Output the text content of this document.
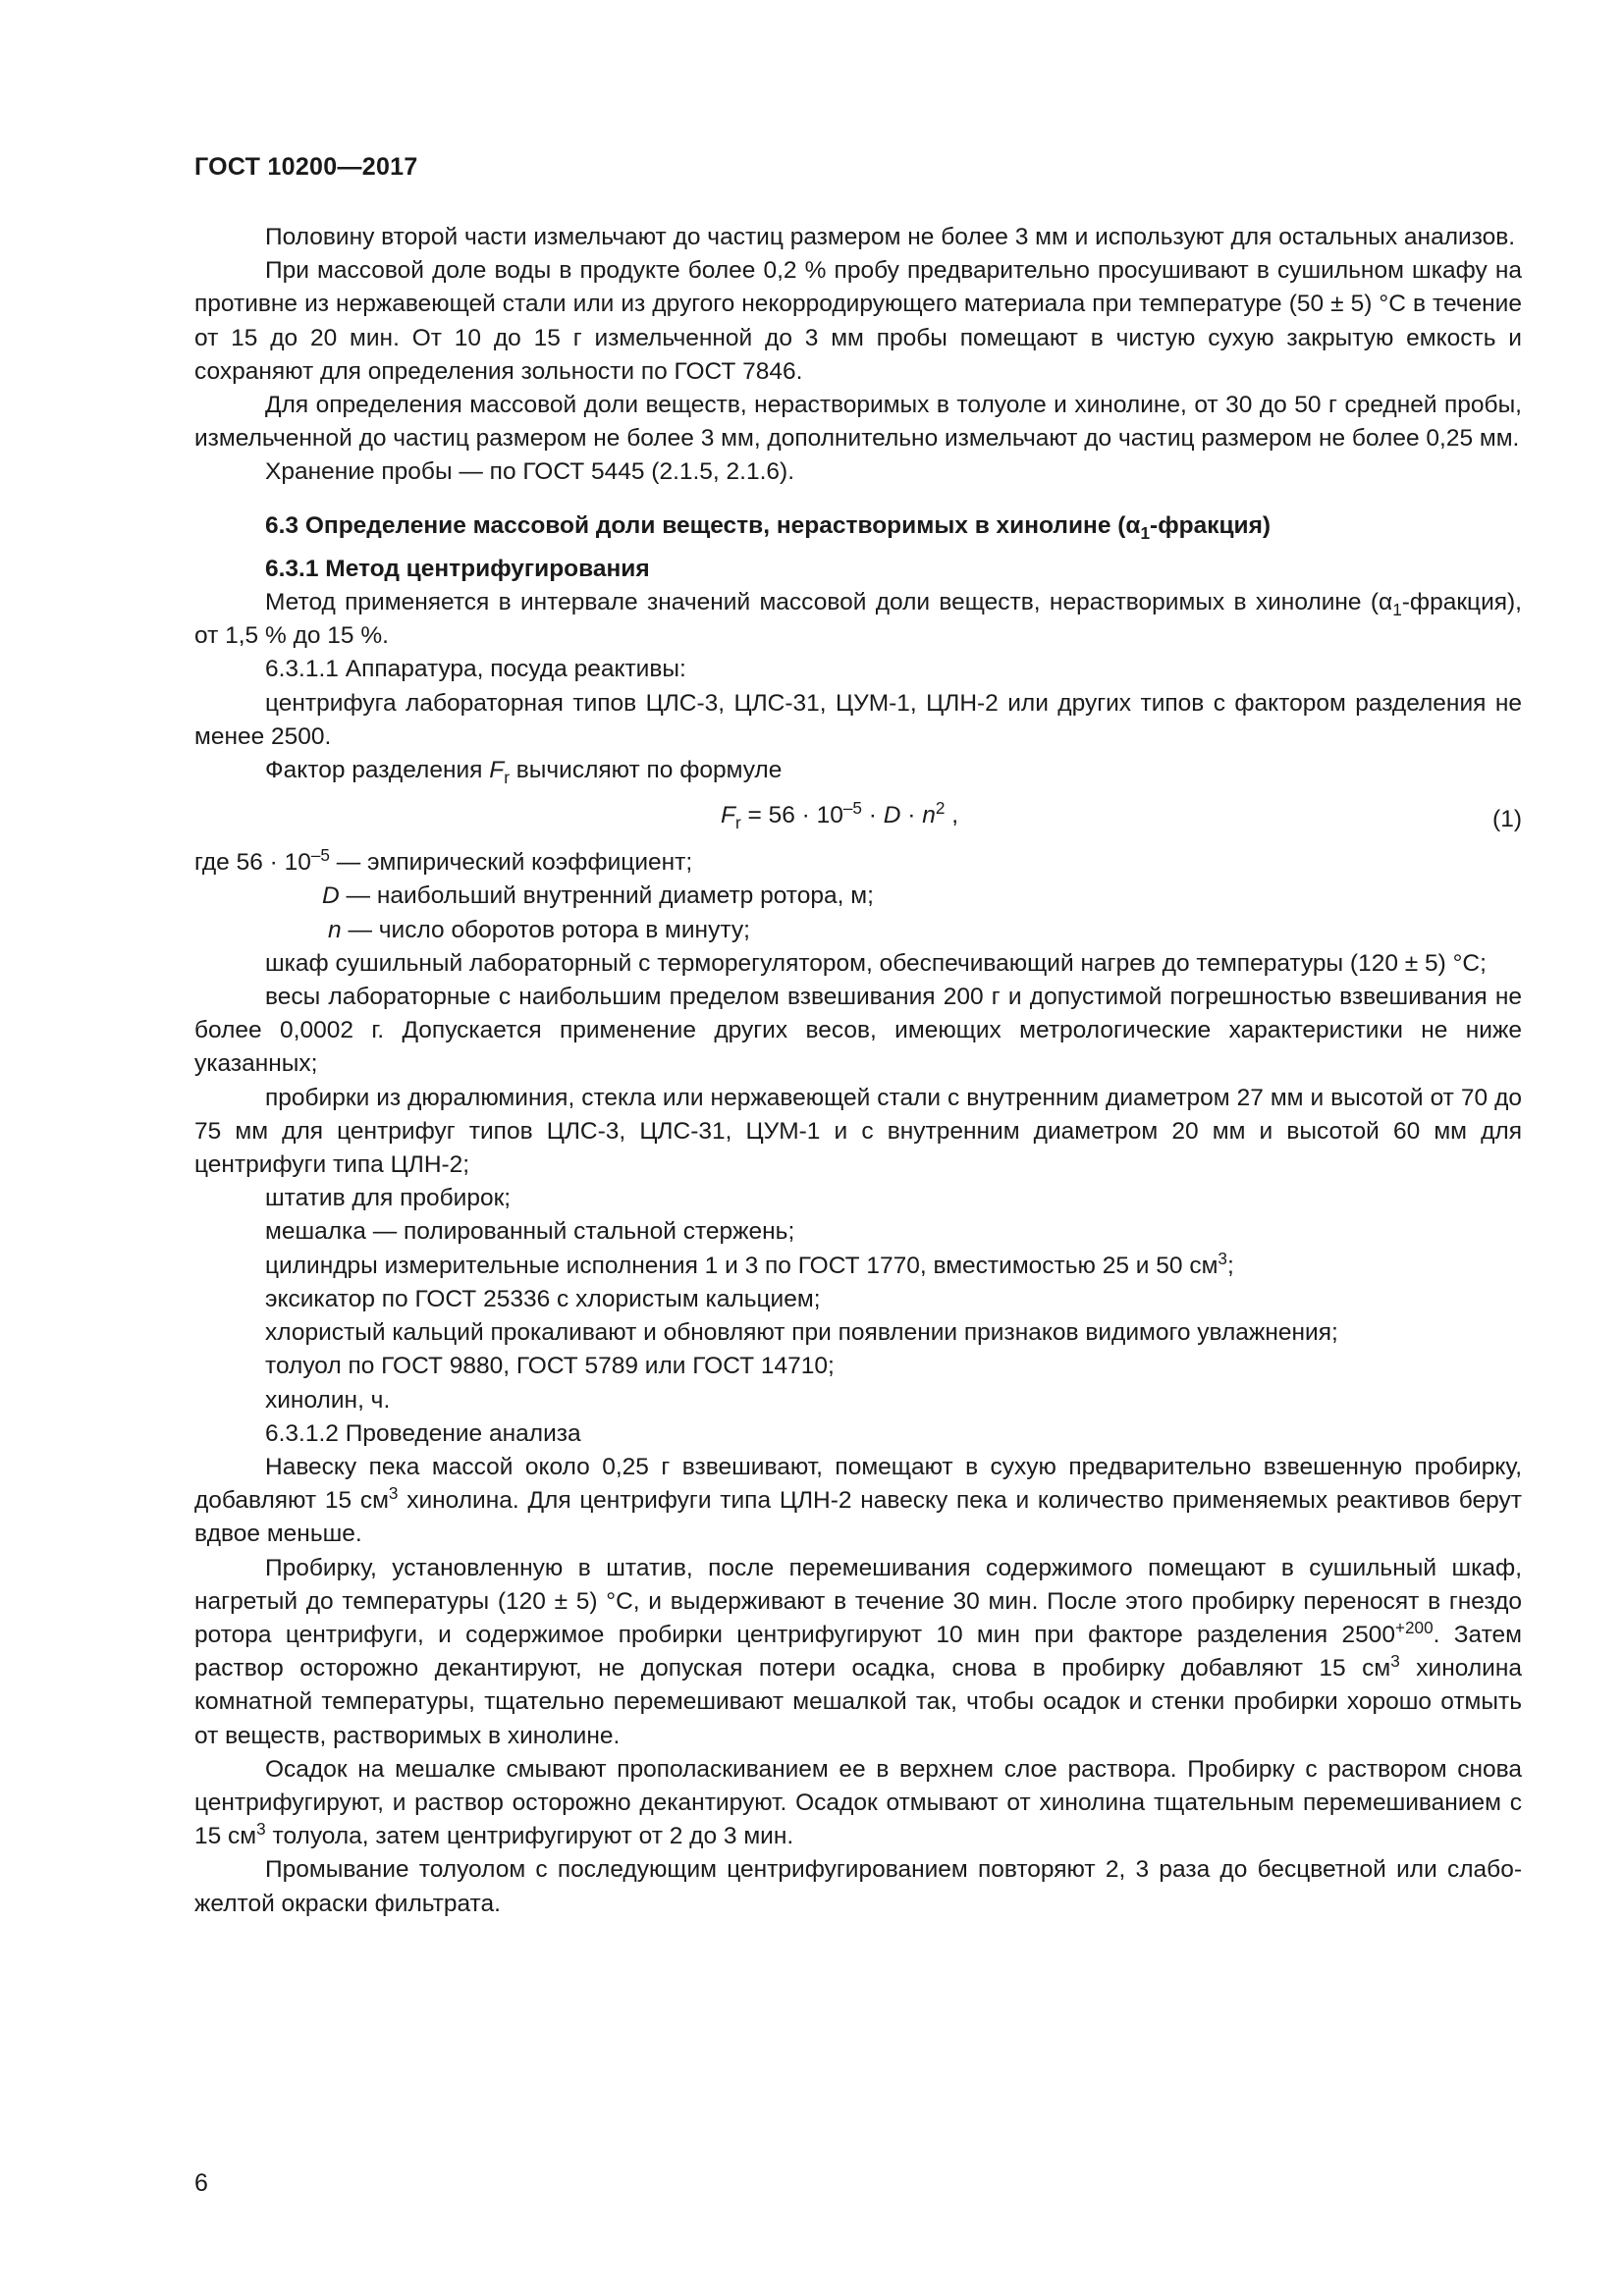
ГОСТ 10200—2017

Половину второй части измельчают до частиц размером не более 3 мм и используют для остальных анализов.

При массовой доле воды в продукте более 0,2 % пробу предварительно просушивают в сушильном шкафу на противне из нержавеющей стали или из другого некорродирующего материала при температуре (50 ± 5) °С в течение от 15 до 20 мин. От 10 до 15 г измельченной до 3 мм пробы помещают в чистую сухую закрытую емкость и сохраняют для определения зольности по ГОСТ 7846.

Для определения массовой доли веществ, нерастворимых в толуоле и хинолине, от 30 до 50 г средней пробы, измельченной до частиц размером не более 3 мм, дополнительно измельчают до частиц размером не более 0,25 мм.

Хранение пробы — по ГОСТ 5445 (2.1.5, 2.1.6).

6.3 Определение массовой доли веществ, нерастворимых в хинолине $(\alpha_1-фракция)$

6.3.1 Метод центрифугирования

Метод применяется в интервале значений массовой доли веществ, нерастворимых в хинолине $(\alpha_1-фракция)$, от 1,5 % до 15 %.

6.3.1.1 Аппаратура, посуда реактивы:

центрифуга лабораторная типов ЦЛС-3, ЦЛС-31, ЦУМ-1, ЦЛН-2 или других типов с фактором разделения не менее 2500.

Фактор разделения $F_r$ вычисляют по формуле

$F_r = 56 \cdot 10^{-5} \cdot D \cdot n^2$ ,	(1)

где $56 \cdot 10^{-5}$ — эмпирический коэффициент;

D — наибольший внутренний диаметр ротора, м;

n — число оборотов ротора в минуту;

шкаф сушильный лабораторный с терморегулятором, обеспечивающий нагрев до температуры (120 ± 5) °С;

весы лабораторные с наибольшим пределом взвешивания 200 г и допустимой погрешностью взвешивания не более 0,0002 г. Допускается применение других весов, имеющих метрологические характеристики не ниже указанных;

пробирки из дюралюминия, стекла или нержавеющей стали с внутренним диаметром 27 мм и высотой от 70 до 75 мм для центрифуг типов ЦЛС-3, ЦЛС-31, ЦУМ-1 и с внутренним диаметром 20 мм и высотой 60 мм для центрифуги типа ЦЛН-2;

штатив для пробирок;

мешалка — полированный стальной стержень;

цилиндры измерительные исполнения 1 и 3 по ГОСТ 1770, вместимостью 25 и 50 $см^3$;

эксикатор по ГОСТ 25336 с хлористым кальцием;

хлористый кальций прокаливают и обновляют при появлении признаков видимого увлажнения;

толуол по ГОСТ 9880, ГОСТ 5789 или ГОСТ 14710;

хинолин, ч.

6.3.1.2 Проведение анализа

Навеску пека массой около 0,25 г взвешивают, помещают в сухую предварительно взвешенную пробирку, добавляют 15 $см^3$ хинолина. Для центрифуги типа ЦЛН-2 навеску пека и количество применяемых реактивов берут вдвое меньше.

Пробирку, установленную в штатив, после перемешивания содержимого помещают в сушильный шкаф, нагретый до температуры (120 ± 5) °С, и выдерживают в течение 30 мин. После этого пробирку переносят в гнездо ротора центрифуги, и содержимое пробирки центрифугируют 10 мин при факторе разделения $2500^{+200}$. Затем раствор осторожно декантируют, не допуская потери осадка, снова в пробирку добавляют 15 $см^3$ хинолина комнатной температуры, тщательно перемешивают мешалкой так, чтобы осадок и стенки пробирки хорошо отмыть от веществ, растворимых в хинолине.

Осадок на мешалке смывают прополаскиванием ее в верхнем слое раствора. Пробирку с раствором снова центрифугируют, и раствор осторожно декантируют. Осадок отмывают от хинолина тщательным перемешиванием с 15 $см^3$ толуола, затем центрифугируют от 2 до 3 мин.

Промывание толуолом с последующим центрифугированием повторяют 2, 3 раза до бесцветной или слабо-желтой окраски фильтрата.

6
